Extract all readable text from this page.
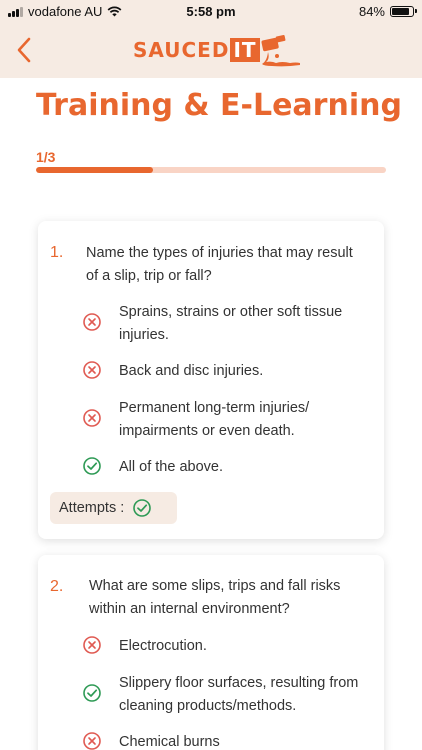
vodafone AU	5:58 pm	84%
SAUCED IT
Training & E-Learning
1/3
1. Name the types of injuries that may result of a slip, trip or fall?
Sprains, strains or other soft tissue injuries.
Back and disc injuries.
Permanent long-term injuries/ impairments or even death.
All of the above.
Attempts :
2. What are some slips, trips and fall risks within an internal environment?
Electrocution.
Slippery floor surfaces, resulting from cleaning products/methods.
Chemical burns
